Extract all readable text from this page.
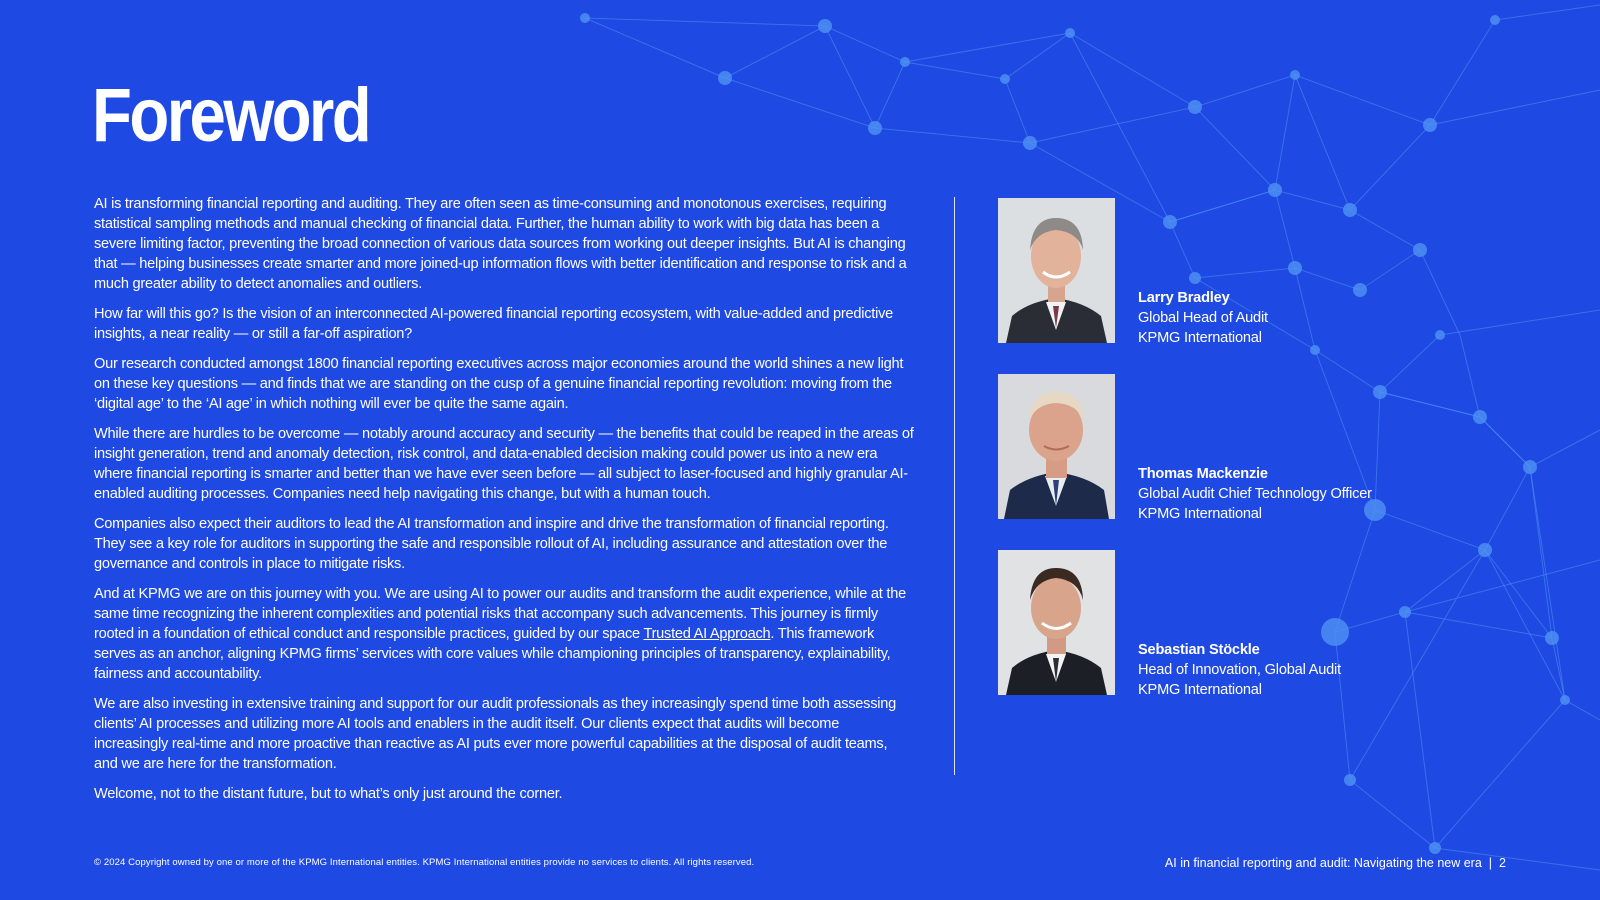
Foreword

AI is transforming financial reporting and auditing. They are often seen as time-consuming and monotonous exercises, requiring statistical sampling methods and manual checking of financial data. Further, the human ability to work with big data has been a severe limiting factor, preventing the broad connection of various data sources from working out deeper insights. But AI is changing that — helping businesses create smarter and more joined-up information flows with better identification and response to risk and a much greater ability to detect anomalies and outliers.

How far will this go? Is the vision of an interconnected AI-powered financial reporting ecosystem, with value-added and predictive insights, a near reality — or still a far-off aspiration?

Our research conducted amongst 1800 financial reporting executives across major economies around the world shines a new light on these key questions — and finds that we are standing on the cusp of a genuine financial reporting revolution: moving from the ‘digital age’ to the ‘AI age’ in which nothing will ever be quite the same again.

While there are hurdles to be overcome — notably around accuracy and security — the benefits that could be reaped in the areas of insight generation, trend and anomaly detection, risk control, and data-enabled decision making could power us into a new era where financial reporting is smarter and better than we have ever seen before — all subject to laser-focused and highly granular AI-enabled auditing processes. Companies need help navigating this change, but with a human touch.

Companies also expect their auditors to lead the AI transformation and inspire and drive the transformation of financial reporting. They see a key role for auditors in supporting the safe and responsible rollout of AI, including assurance and attestation over the governance and controls in place to mitigate risks.

And at KPMG we are on this journey with you. We are using AI to power our audits and transform the audit experience, while at the same time recognizing the inherent complexities and potential risks that accompany such advancements. This journey is firmly rooted in a foundation of ethical conduct and responsible practices, guided by our space Trusted AI Approach. This framework serves as an anchor, aligning KPMG firms’ services with core values while championing principles of transparency, explainability, fairness and accountability.

We are also investing in extensive training and support for our audit professionals as they increasingly spend time both assessing clients’ AI processes and utilizing more AI tools and enablers in the audit itself. Our clients expect that audits will become increasingly real-time and more proactive than reactive as AI puts ever more powerful capabilities at the disposal of audit teams, and we are here for the transformation.

Welcome, not to the distant future, but to what’s only just around the corner.

Larry Bradley
Global Head of Audit
KPMG International
Thomas Mackenzie
Global Audit Chief Technology Officer
KPMG International
Sebastian Stöckle
Head of Innovation, Global Audit
KPMG International
© 2024 Copyright owned by one or more of the KPMG International entities. KPMG International entities provide no services to clients. All rights reserved.	AI in financial reporting and audit: Navigating the new era | 2
